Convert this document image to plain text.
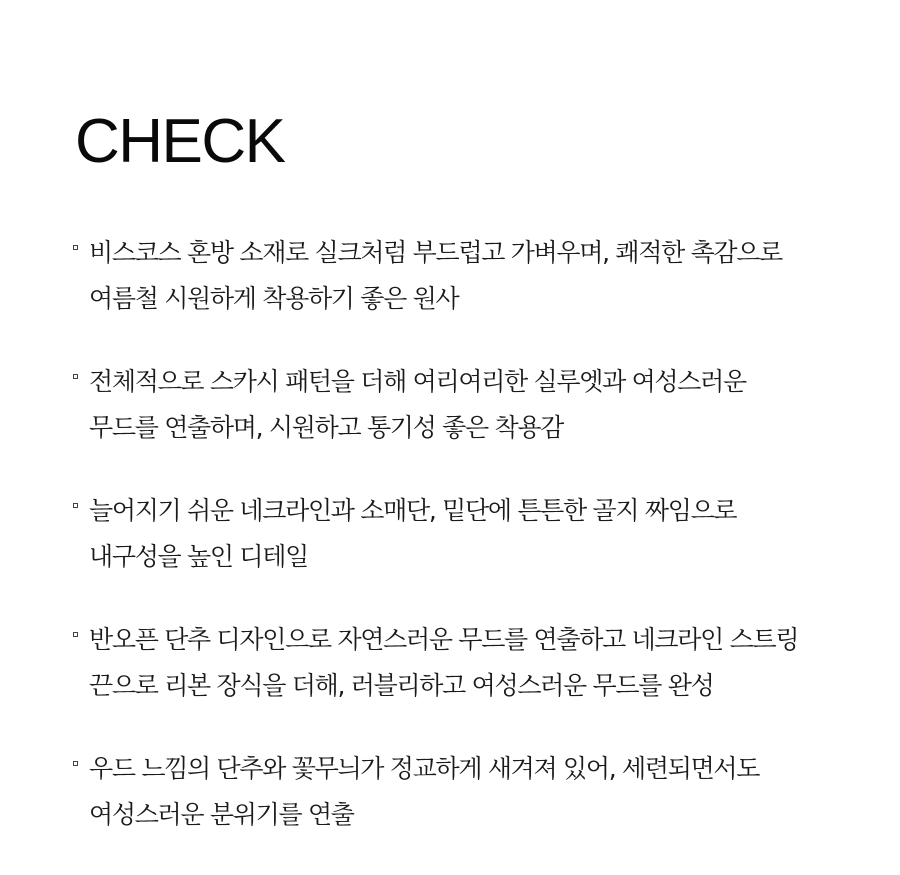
CHECK
비스코스 혼방 소재로 실크처럼 부드럽고 가벼우며, 쾌적한 촉감으로
여름철 시원하게 착용하기 좋은 원사
전체적으로 스카시 패턴을 더해 여리여리한 실루엣과 여성스러운
무드를 연출하며, 시원하고 통기성 좋은 착용감
늘어지기 쉬운 네크라인과 소매단, 밑단에 튼튼한 골지 짜임으로
내구성을 높인 디테일
반오픈 단추 디자인으로 자연스러운 무드를 연출하고 네크라인 스트링
끈으로 리본 장식을 더해, 러블리하고 여성스러운 무드를 완성
우드 느낌의 단추와 꽃무늬가 정교하게 새겨져 있어, 세련되면서도
여성스러운 분위기를 연출
